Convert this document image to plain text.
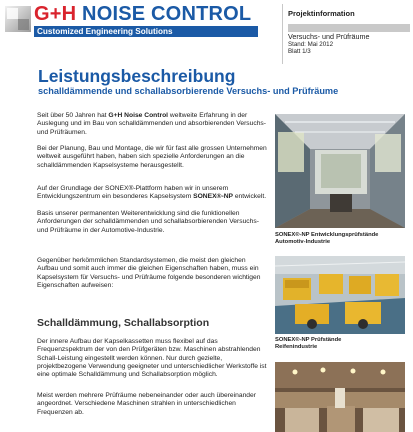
G+H NOISE CONTROL
Customized Engineering Solutions
Projektinformation
Versuchs- und Prüfräume
Stand: Mai 2012
Blatt 1/3
Leistungsbeschreibung
schalldämmende und schallabsorbierende Versuchs- und Prüfräume

Seit über 50 Jahren hat G+H Noise Control weltweite Erfahrung in der Auslegung und im Bau von schalldämmenden und absorbierenden Versuchs- und Prüfräumen.

Bei der Planung, Bau und Montage, die wir für fast alle grossen Unternehmen weltweit ausgeführt haben, haben sich spezielle Anforderungen an die schalldämmenden Kapselsysteme herausgestellt.

Auf der Grundlage der SONEX®-Plattform haben wir in unserem Entwicklungszentrum ein besonderes Kapselsystem SONEX®-NP entwickelt.

Basis unserer permanenten Weiterentwicklung sind die funktionellen Anforderungen der schalldämmenden und schallabsorbierenden Versuchs- und Prüfräume in der Automotive-Industrie.

Gegenüber herkömmlichen Standardsystemen, die meist den gleichen Aufbau und somit auch immer die gleichen Eigenschaften haben, muss ein Kapselsystem für Versuchs- und Prüfräume folgende besonderen wichtigen Eigenschaften aufweisen:

Schalldämmung, Schallabsorption

Der innere Aufbau der Kapselkassetten muss flexibel auf das Frequenzspektrum der von den Prüfgeräten bzw. Maschinen abstrahlenden Schall-Leistung eingestellt werden können. Nur durch gezielte, projektbezogene Verwendung geeigneter und unterschiedlicher Werkstoffe ist eine optimale Schalldämmung und Schallabsorption möglich.

Meist werden mehrere Prüfräume nebeneinander oder auch übereinander angeordnet. Verschiedene Maschinen strahlen in unterschiedlichen Frequenzen ab.

SONEX®-NP Entwicklungsprüfstände
Automotiv-Industrie
SONEX®-NP Prüfstände
Reifenindustrie
